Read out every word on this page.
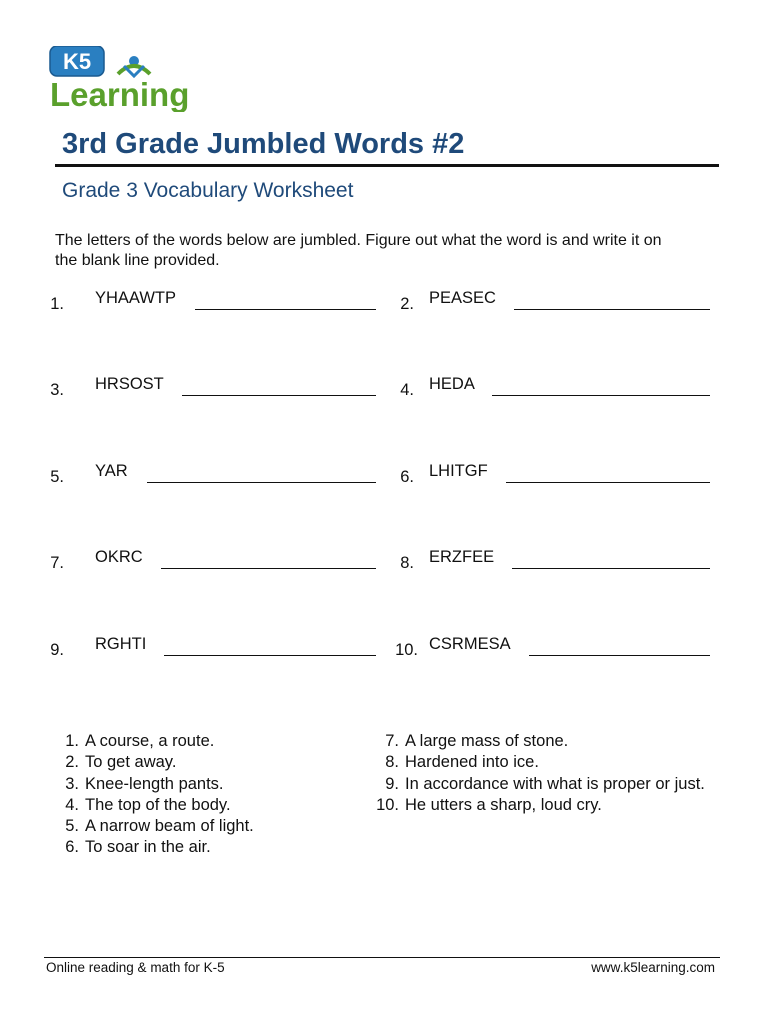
K5
Learning
3rd Grade Jumbled Words #2
Grade 3 Vocabulary Worksheet
The letters of the words below are jumbled. Figure out what the word is and write it on the blank line provided.
1. YHAAWTP
3. HRSOST
5. YAR
7. OKRC
9. RGHTI
2. PEASEC
4. HEDA
6. LHITGF
8. ERZFEE
10. CSRMESA
1. A course, a route.
2. To get away.
3. Knee-length pants.
4. The top of the body.
5. A narrow beam of light.
6. To soar in the air.
7. A large mass of stone.
8. Hardened into ice.
9. In accordance with what is proper or just.
10. He utters a sharp, loud cry.
Online reading & math for K-5	www.k5learning.com
